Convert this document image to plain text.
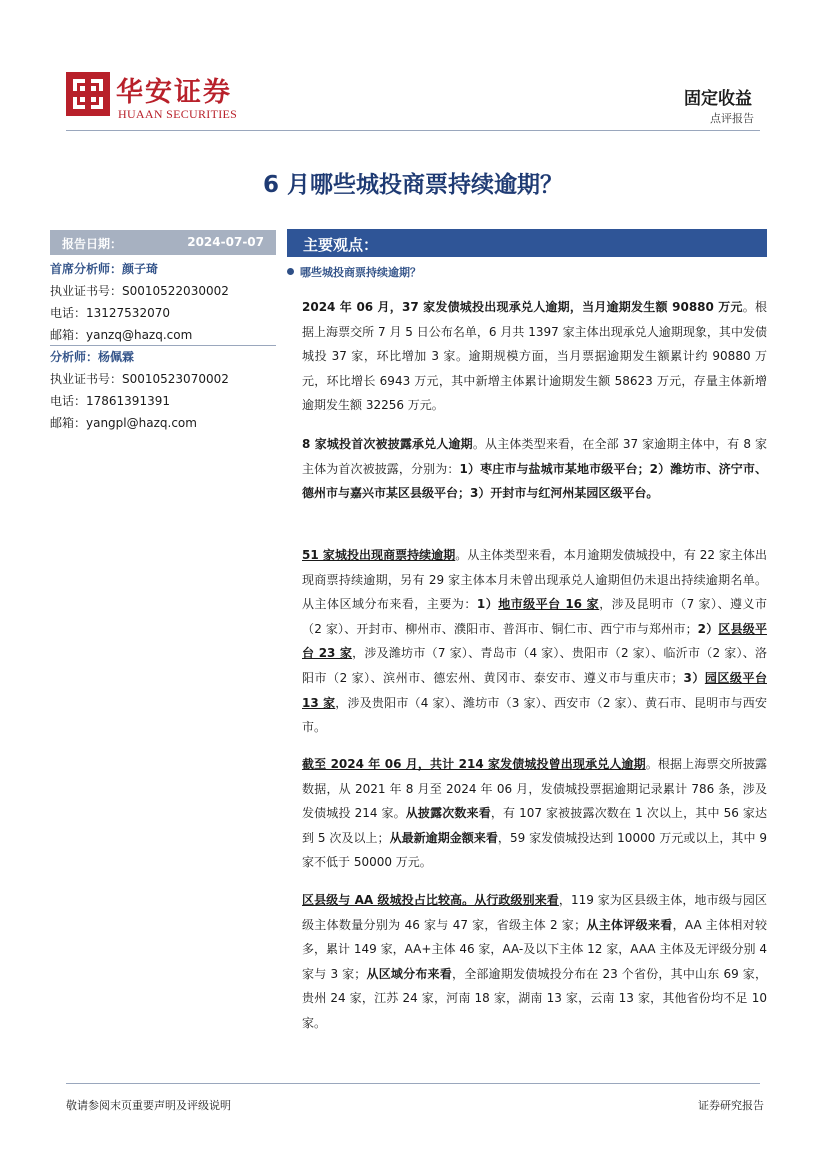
华安证券
HUAAN SECURITIES
固定收益
点评报告
6 月哪些城投商票持续逾期？
报告日期：	2024-07-07
首席分析师：颜子琦
执业证书号：S0010522030002
电话：13127532070
邮箱：yanzq@hazq.com
分析师：杨佩霖
执业证书号：S0010523070002
电话：17861391391
邮箱：yangpl@hazq.com
主要观点：
哪些城投商票持续逾期？
2024 年 06 月，37 家发债城投出现承兑人逾期，当月逾期发生额 90880 万元。根据上海票交所 7 月 5 日公布名单，6 月共 1397 家主体出现承兑人逾期现象，其中发债城投 37 家，环比增加 3 家。逾期规模方面，当月票据逾期发生额累计约 90880 万元，环比增长 6943 万元，其中新增主体累计逾期发生额 58623 万元，存量主体新增逾期发生额 32256 万元。
8 家城投首次被披露承兑人逾期。从主体类型来看，在全部 37 家逾期主体中，有 8 家主体为首次被披露，分别为：1）枣庄市与盐城市某地市级平台；2）潍坊市、济宁市、德州市与嘉兴市某区县级平台；3）开封市与红河州某园区级平台。
51 家城投出现商票持续逾期。从主体类型来看，本月逾期发债城投中，有 22 家主体出现商票持续逾期，另有 29 家主体本月未曾出现承兑人逾期但仍未退出持续逾期名单。从主体区域分布来看，主要为：1）地市级平台 16 家，涉及昆明市（7 家）、遵义市（2 家）、开封市、柳州市、濮阳市、普洱市、铜仁市、西宁市与郑州市；2）区县级平台 23 家，涉及潍坊市（7 家）、青岛市（4 家）、贵阳市（2 家）、临沂市（2 家）、洛阳市（2 家）、滨州市、德宏州、黄冈市、泰安市、遵义市与重庆市；3）园区级平台 13 家，涉及贵阳市（4 家）、潍坊市（3 家）、西安市（2 家）、黄石市、昆明市与西安市。
截至 2024 年 06 月，共计 214 家发债城投曾出现承兑人逾期。根据上海票交所披露数据，从 2021 年 8 月至 2024 年 06 月，发债城投票据逾期记录累计 786 条，涉及发债城投 214 家。从披露次数来看，有 107 家被披露次数在 1 次以上，其中 56 家达到 5 次及以上；从最新逾期金额来看，59 家发债城投达到 10000 万元或以上，其中 9 家不低于 50000 万元。
区县级与 AA 级城投占比较高。从行政级别来看，119 家为区县级主体，地市级与园区级主体数量分别为 46 家与 47 家，省级主体 2 家；从主体评级来看，AA 主体相对较多，累计 149 家，AA+主体 46 家，AA-及以下主体 12 家，AAA 主体及无评级分别 4 家与 3 家；从区域分布来看，全部逾期发债城投分布在 23 个省份，其中山东 69 家，贵州 24 家，江苏 24 家，河南 18 家，湖南 13 家，云南 13 家，其他省份均不足 10 家。
敬请参阅末页重要声明及评级说明	证券研究报告
